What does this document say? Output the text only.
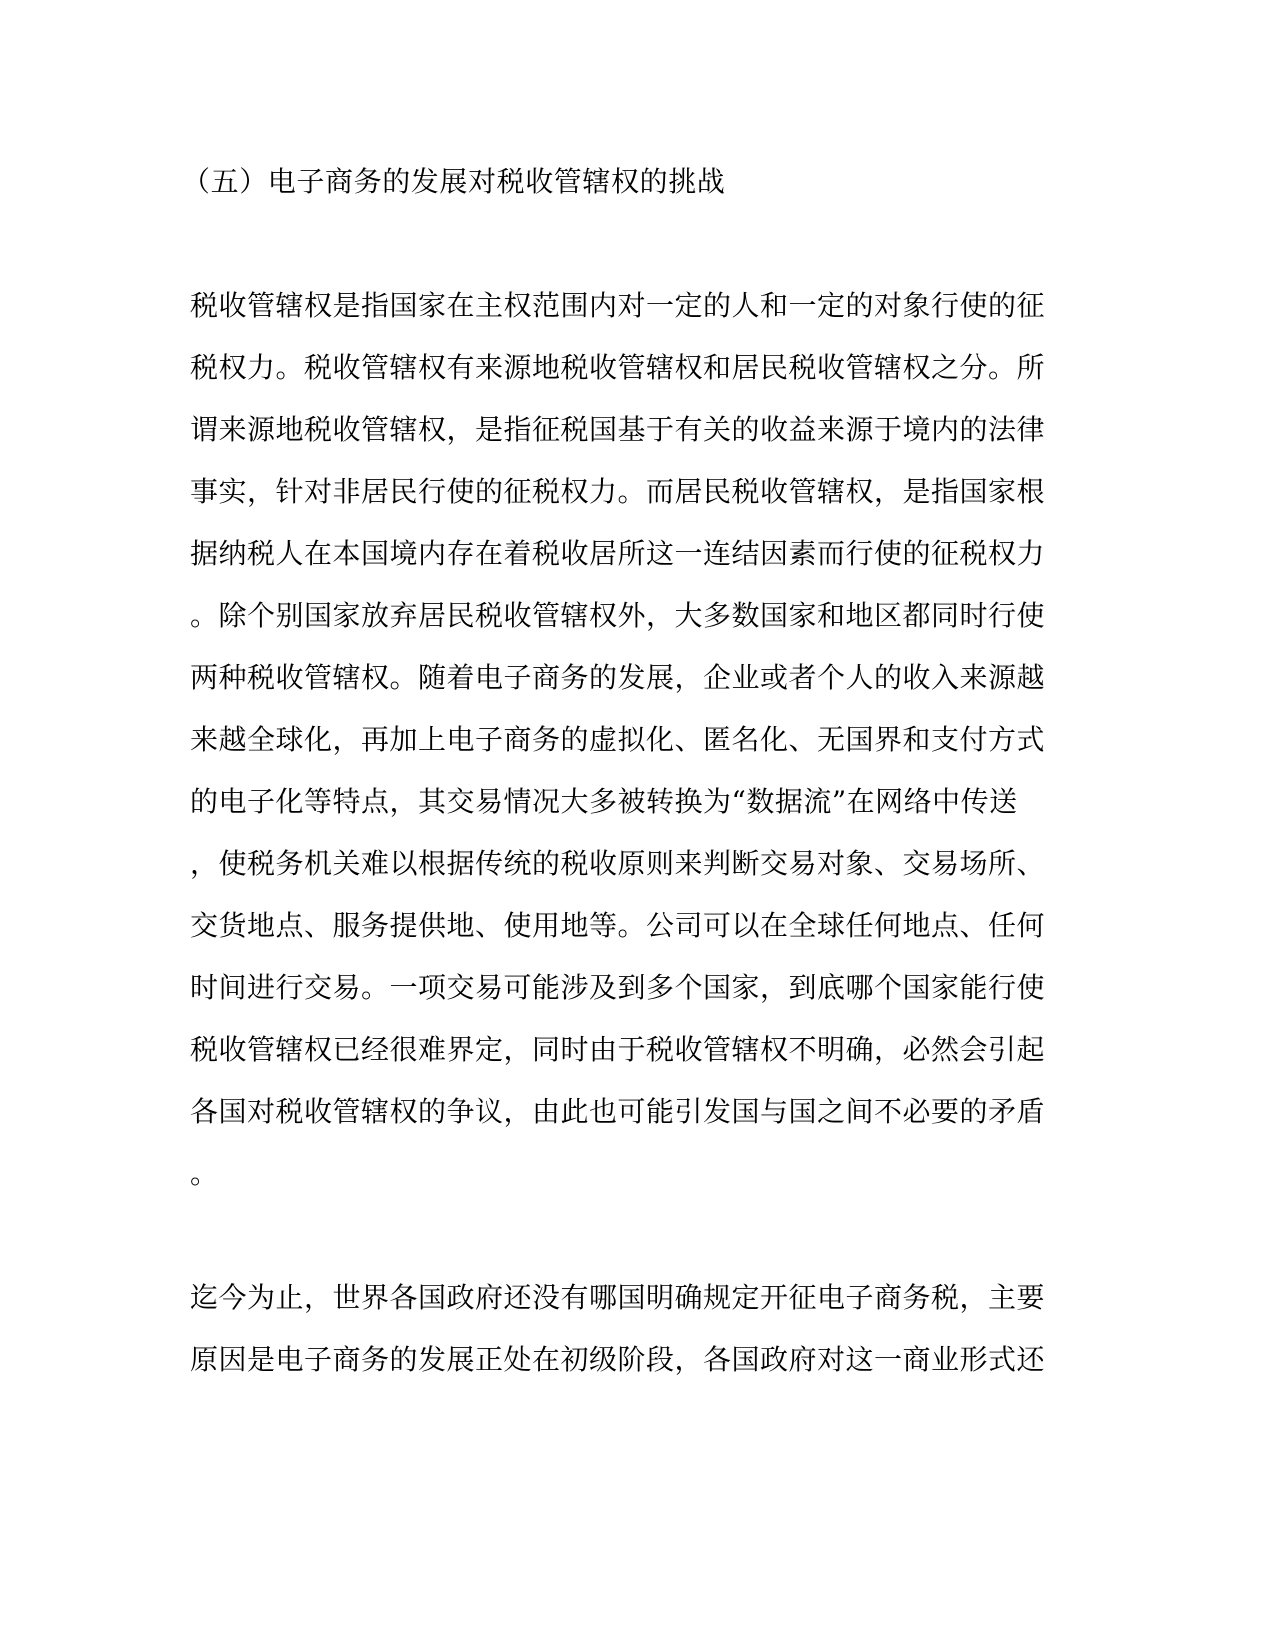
（五）电子商务的发展对税收管辖权的挑战
税收管辖权是指国家在主权范围内对一定的人和一定的对象行使的征
税权力。税收管辖权有来源地税收管辖权和居民税收管辖权之分。所
谓来源地税收管辖权，是指征税国基于有关的收益来源于境内的法律
事实，针对非居民行使的征税权力。而居民税收管辖权，是指国家根
据纳税人在本国境内存在着税收居所这一连结因素而行使的征税权力
。除个别国家放弃居民税收管辖权外，大多数国家和地区都同时行使
两种税收管辖权。随着电子商务的发展，企业或者个人的收入来源越
来越全球化，再加上电子商务的虚拟化、匿名化、无国界和支付方式
的电子化等特点，其交易情况大多被转换为“数据流”在网络中传送
，使税务机关难以根据传统的税收原则来判断交易对象、交易场所、
交货地点、服务提供地、使用地等。公司可以在全球任何地点、任何
时间进行交易。一项交易可能涉及到多个国家，到底哪个国家能行使
税收管辖权已经很难界定，同时由于税收管辖权不明确，必然会引起
各国对税收管辖权的争议，由此也可能引发国与国之间不必要的矛盾
。
迄今为止，世界各国政府还没有哪国明确规定开征电子商务税，主要
原因是电子商务的发展正处在初级阶段，各国政府对这一商业形式还
